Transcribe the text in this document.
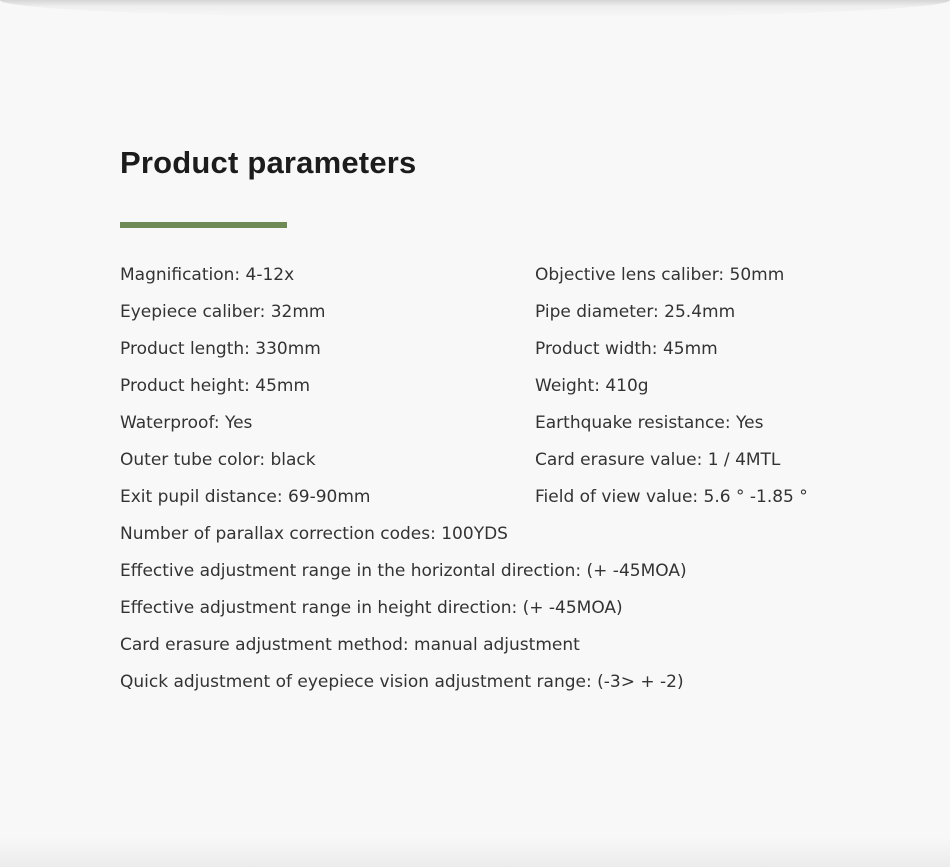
Product parameters
Magnification: 4-12x	Objective lens caliber: 50mm
Eyepiece caliber: 32mm	Pipe diameter: 25.4mm
Product length: 330mm	Product width: 45mm
Product height: 45mm	Weight: 410g
Waterproof: Yes	Earthquake resistance: Yes
Outer tube color: black	Card erasure value: 1 / 4MTL
Exit pupil distance: 69-90mm	Field of view value: 5.6 ° -1.85 °
Number of parallax correction codes: 100YDS
Effective adjustment range in the horizontal direction: (+ -45MOA)
Effective adjustment range in height direction: (+ -45MOA)
Card erasure adjustment method: manual adjustment
Quick adjustment of eyepiece vision adjustment range: (-3> + -2)
